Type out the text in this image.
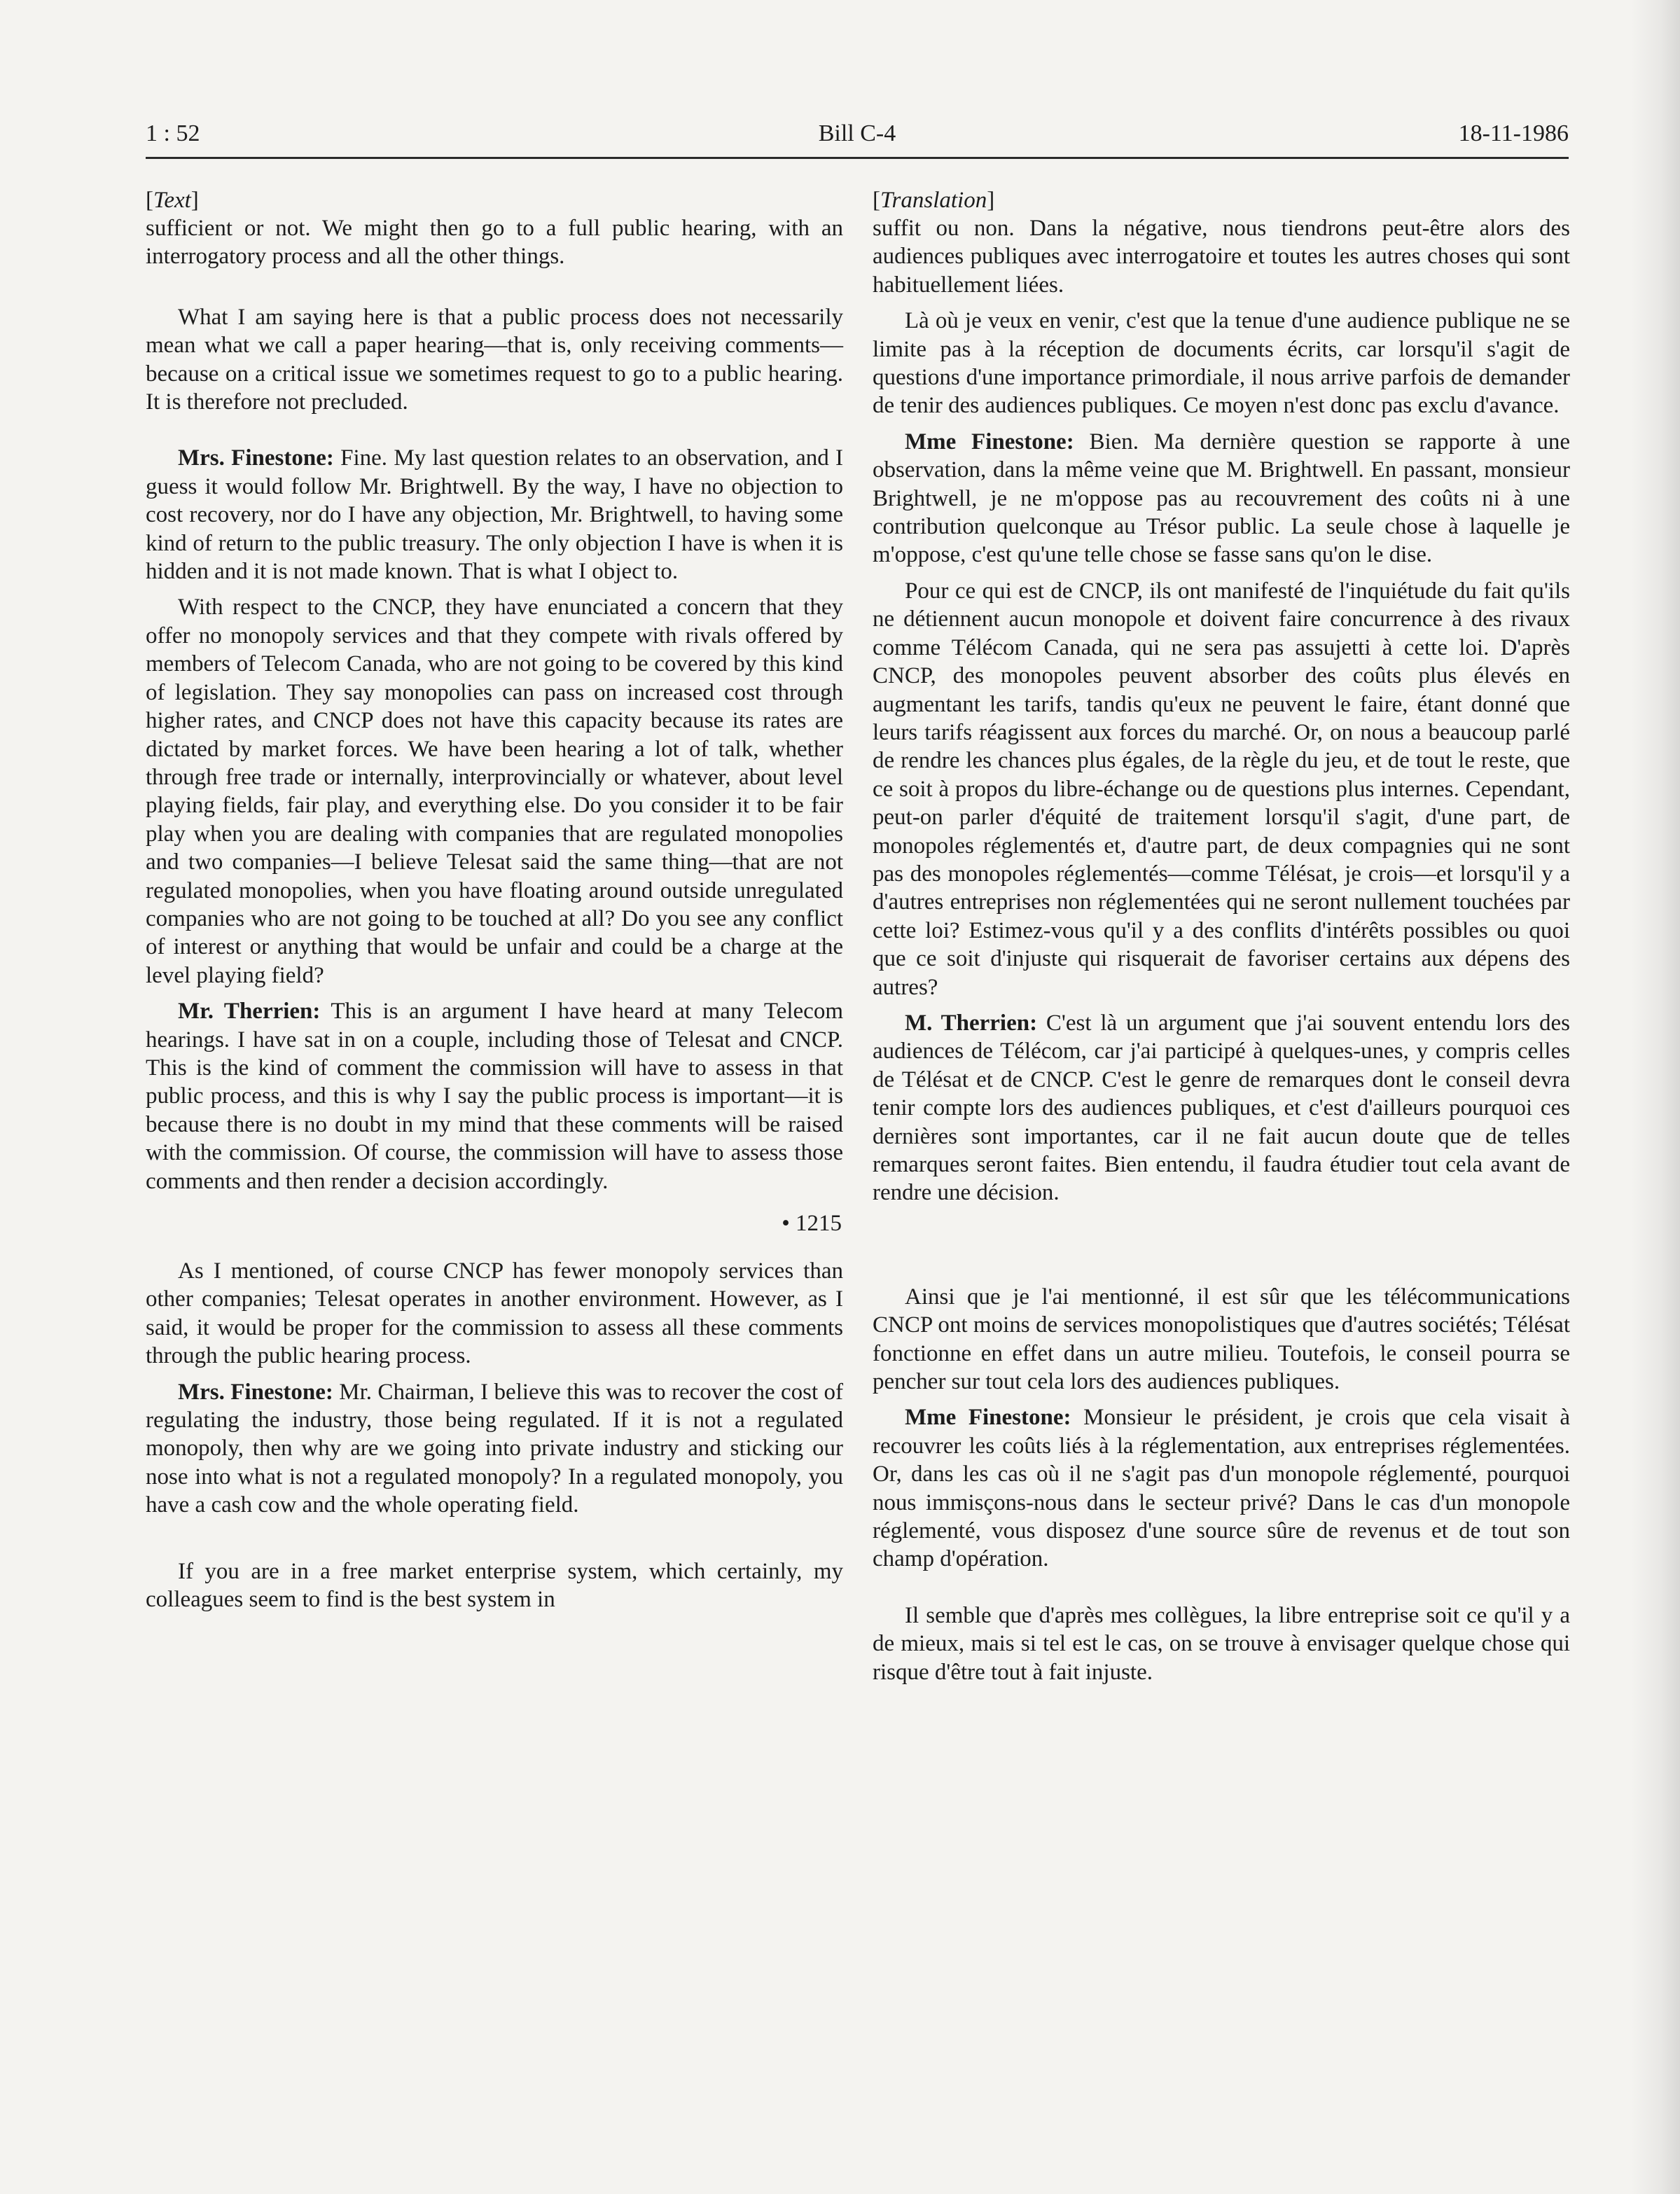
1 : 52	Bill C-4	18-11-1986
[Text]

sufficient or not. We might then go to a full public hearing, with an interrogatory process and all the other things.

What I am saying here is that a public process does not necessarily mean what we call a paper hearing—that is, only receiving comments—because on a critical issue we sometimes request to go to a public hearing. It is therefore not precluded.

Mrs. Finestone: Fine. My last question relates to an observation, and I guess it would follow Mr. Brightwell. By the way, I have no objection to cost recovery, nor do I have any objection, Mr. Brightwell, to having some kind of return to the public treasury. The only objection I have is when it is hidden and it is not made known. That is what I object to.

With respect to the CNCP, they have enunciated a concern that they offer no monopoly services and that they compete with rivals offered by members of Telecom Canada, who are not going to be covered by this kind of legislation. They say monopolies can pass on increased cost through higher rates, and CNCP does not have this capacity because its rates are dictated by market forces. We have been hearing a lot of talk, whether through free trade or internally, interprovincially or whatever, about level playing fields, fair play, and everything else. Do you consider it to be fair play when you are dealing with companies that are regulated monopolies and two companies—I believe Telesat said the same thing—that are not regulated monopolies, when you have floating around outside unregulated companies who are not going to be touched at all? Do you see any conflict of interest or anything that would be unfair and could be a charge at the level playing field?

Mr. Therrien: This is an argument I have heard at many Telecom hearings. I have sat in on a couple, including those of Telesat and CNCP. This is the kind of comment the commission will have to assess in that public process, and this is why I say the public process is important—it is because there is no doubt in my mind that these comments will be raised with the commission. Of course, the commission will have to assess those comments and then render a decision accordingly.

• 1215

As I mentioned, of course CNCP has fewer monopoly services than other companies; Telesat operates in another environment. However, as I said, it would be proper for the commission to assess all these comments through the public hearing process.

Mrs. Finestone: Mr. Chairman, I believe this was to recover the cost of regulating the industry, those being regulated. If it is not a regulated monopoly, then why are we going into private industry and sticking our nose into what is not a regulated monopoly? In a regulated monopoly, you have a cash cow and the whole operating field.

If you are in a free market enterprise system, which certainly, my colleagues seem to find is the best system in

[Translation]

suffit ou non. Dans la négative, nous tiendrons peut-être alors des audiences publiques avec interrogatoire et toutes les autres choses qui sont habituellement liées.

Là où je veux en venir, c'est que la tenue d'une audience publique ne se limite pas à la réception de documents écrits, car lorsqu'il s'agit de questions d'une importance primordiale, il nous arrive parfois de demander de tenir des audiences publiques. Ce moyen n'est donc pas exclu d'avance.

Mme Finestone: Bien. Ma dernière question se rapporte à une observation, dans la même veine que M. Brightwell. En passant, monsieur Brightwell, je ne m'oppose pas au recouvrement des coûts ni à une contribution quelconque au Trésor public. La seule chose à laquelle je m'oppose, c'est qu'une telle chose se fasse sans qu'on le dise.

Pour ce qui est de CNCP, ils ont manifesté de l'inquiétude du fait qu'ils ne détiennent aucun monopole et doivent faire concurrence à des rivaux comme Télécom Canada, qui ne sera pas assujetti à cette loi. D'après CNCP, des monopoles peuvent absorber des coûts plus élevés en augmentant les tarifs, tandis qu'eux ne peuvent le faire, étant donné que leurs tarifs réagissent aux forces du marché. Or, on nous a beaucoup parlé de rendre les chances plus égales, de la règle du jeu, et de tout le reste, que ce soit à propos du libre-échange ou de questions plus internes. Cependant, peut-on parler d'équité de traitement lorsqu'il s'agit, d'une part, de monopoles réglementés et, d'autre part, de deux compagnies qui ne sont pas des monopoles réglementés—comme Télésat, je crois—et lorsqu'il y a d'autres entreprises non réglementées qui ne seront nullement touchées par cette loi? Estimez-vous qu'il y a des conflits d'intérêts possibles ou quoi que ce soit d'injuste qui risquerait de favoriser certains aux dépens des autres?

M. Therrien: C'est là un argument que j'ai souvent entendu lors des audiences de Télécom, car j'ai participé à quelques-unes, y compris celles de Télésat et de CNCP. C'est le genre de remarques dont le conseil devra tenir compte lors des audiences publiques, et c'est d'ailleurs pourquoi ces dernières sont importantes, car il ne fait aucun doute que de telles remarques seront faites. Bien entendu, il faudra étudier tout cela avant de rendre une décision.

Ainsi que je l'ai mentionné, il est sûr que les télécommunications CNCP ont moins de services monopolistiques que d'autres sociétés; Télésat fonctionne en effet dans un autre milieu. Toutefois, le conseil pourra se pencher sur tout cela lors des audiences publiques.

Mme Finestone: Monsieur le président, je crois que cela visait à recouvrer les coûts liés à la réglementation, aux entreprises réglementées. Or, dans les cas où il ne s'agit pas d'un monopole réglementé, pourquoi nous immisçons-nous dans le secteur privé? Dans le cas d'un monopole réglementé, vous disposez d'une source sûre de revenus et de tout son champ d'opération.

Il semble que d'après mes collègues, la libre entreprise soit ce qu'il y a de mieux, mais si tel est le cas, on se trouve à envisager quelque chose qui risque d'être tout à fait injuste.
